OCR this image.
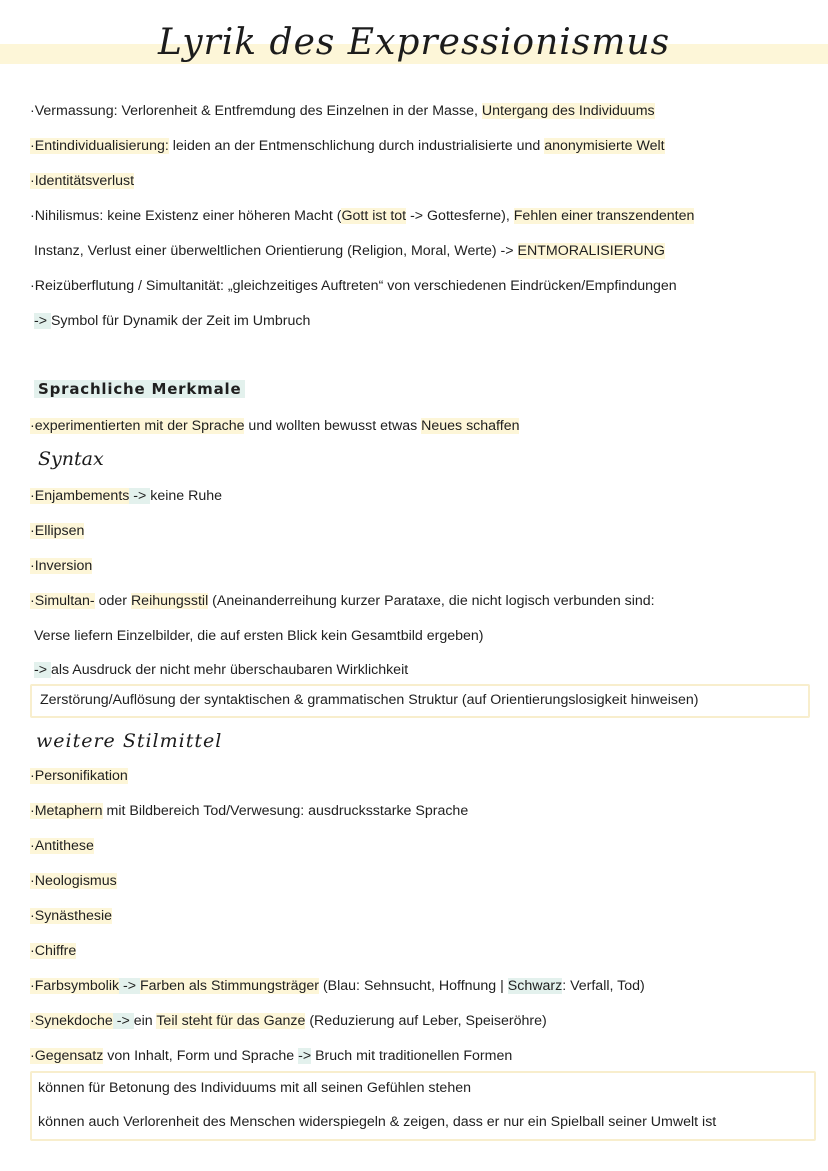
Lyrik des Expressionismus
·Vermassung: Verlorenheit & Entfremdung des Einzelnen in der Masse, Untergang des Individuums
·Entindividualisierung: leiden an der Entmenschlichung durch industrialisierte und anonymisierte Welt
·Identitätsverlust
·Nihilismus: keine Existenz einer höheren Macht (Gott ist tot -> Gottesferne), Fehlen einer transzendenten
Instanz, Verlust einer überweltlichen Orientierung (Religion, Moral, Werte) -> ENTMORALISIERUNG
·Reizüberflutung / Simultanität: „gleichzeitiges Auftreten“ von verschiedenen Eindrücken/Empfindungen
-> Symbol für Dynamik der Zeit im Umbruch
Sprachliche Merkmale
·experimentierten mit der Sprache und wollten bewusst etwas Neues schaffen
Syntax
·Enjambements -> keine Ruhe
·Ellipsen
·Inversion
·Simultan- oder Reihungsstil (Aneinanderreihung kurzer Parataxe, die nicht logisch verbunden sind:
Verse liefern Einzelbilder, die auf ersten Blick kein Gesamtbild ergeben)
-> als Ausdruck der nicht mehr überschaubaren Wirklichkeit
Zerstörung/Auflösung der syntaktischen & grammatischen Struktur (auf Orientierungslosigkeit hinweisen)
weitere Stilmittel
·Personifikation
·Metaphern mit Bildbereich Tod/Verwesung: ausdrucksstarke Sprache
·Antithese
·Neologismus
·Synästhesie
·Chiffre
·Farbsymbolik -> Farben als Stimmungsträger (Blau: Sehnsucht, Hoffnung | Schwarz: Verfall, Tod)
·Synekdoche -> ein Teil steht für das Ganze (Reduzierung auf Leber, Speiseröhre)
·Gegensatz von Inhalt, Form und Sprache -> Bruch mit traditionellen Formen
können für Betonung des Individuums mit all seinen Gefühlen stehen
können auch Verlorenheit des Menschen widerspiegeln & zeigen, dass er nur ein Spielball seiner Umwelt ist
